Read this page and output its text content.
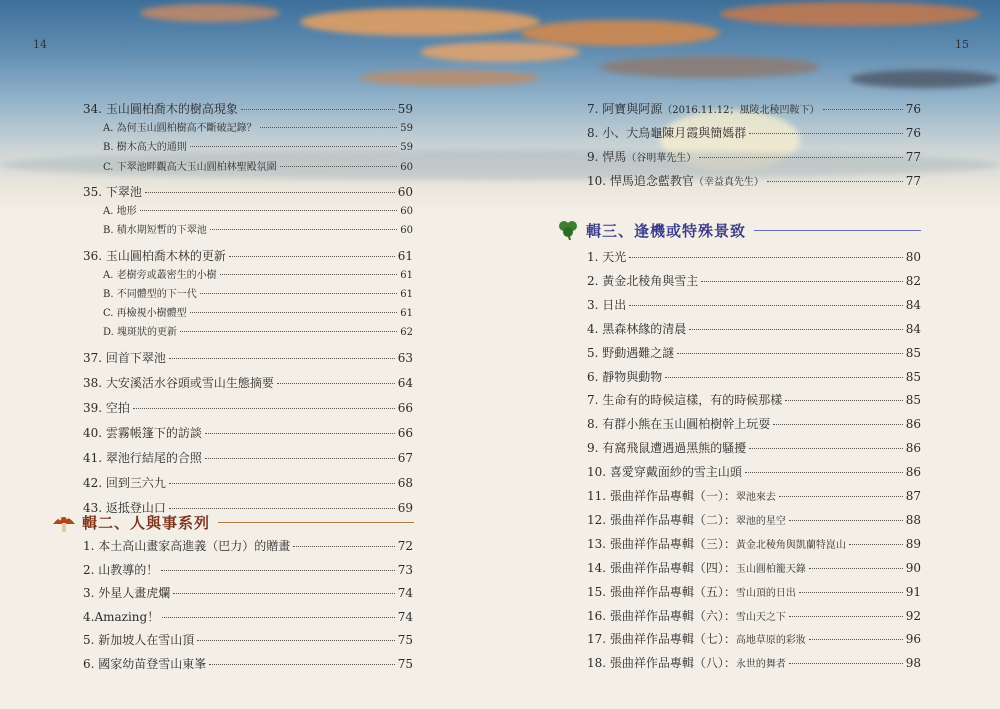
14	15
34. 玉山圓柏喬木的樹高現象	59
A. 為何玉山圓柏樹高不斷破記錄？	59
B. 樹木高大的通則	59
C. 下翠池畔觀高大玉山圓柏林聖殿氛圍	60
35. 下翠池	60
A. 地形	60
B. 積水期短暫的下翠池	60
36. 玉山圓柏喬木林的更新	61
A. 老樹旁或叢密生的小樹	61
B. 不同體型的下一代	61
C. 再檢視小樹體型	61
D. 塊斑狀的更新	62
37. 回首下翠池	63
38. 大安溪活水谷頭或雪山生態摘要	64
39. 空拍	66
40. 雲霧帳篷下的訪談	66
41. 翠池行結尾的合照	67
42. 回到三六九	68
43. 返抵登山口	69
1. 本土高山畫家高進義（巴力）的贈畫	72
2. 山教導的！	73
3. 外星人畫虎爛	74
4.Amazing！	74
5. 新加坡人在雪山頂	75
6. 國家幼苗登雪山東峯	75
輯二、人與事系列
7. 阿寶與阿源 （2016.11.12；風陵北稜凹鞍下）	76
8. 小、大烏龜陳月霞與簡媽群	76
9. 悍馬 （谷明華先生）	77
10. 悍馬追念藍教官 （幸益真先生）	77
1. 天光	80
2. 黃金北稜角與雪主	82
3. 日出	84
4. 黑森林緣的清晨	84
5. 野動遇難之謎	85
6. 靜物與動物	85
7. 生命有的時候這樣，有的時候那樣	85
8. 有群小熊在玉山圓柏樹幹上玩耍	86
9. 有窩飛鼠遭遇過黑熊的騷擾	86
10. 喜愛穿戴面紗的雪主山頭	86
11. 張曲祥作品專輯（一）： 翠池來去	87
12. 張曲祥作品專輯（二）： 翠池的星空	88
13. 張曲祥作品專輯（三）： 黃金北稜角與凱蘭特崑山	89
14. 張曲祥作品專輯（四）： 玉山圓柏籠天錄	90
15. 張曲祥作品專輯（五）： 雪山頂的日出	91
16. 張曲祥作品專輯（六）： 雪山天之下	92
17. 張曲祥作品專輯（七）： 高地草原的彩妝	96
18. 張曲祥作品專輯（八）： 永世的舞者	98
輯三、逢機或特殊景致
